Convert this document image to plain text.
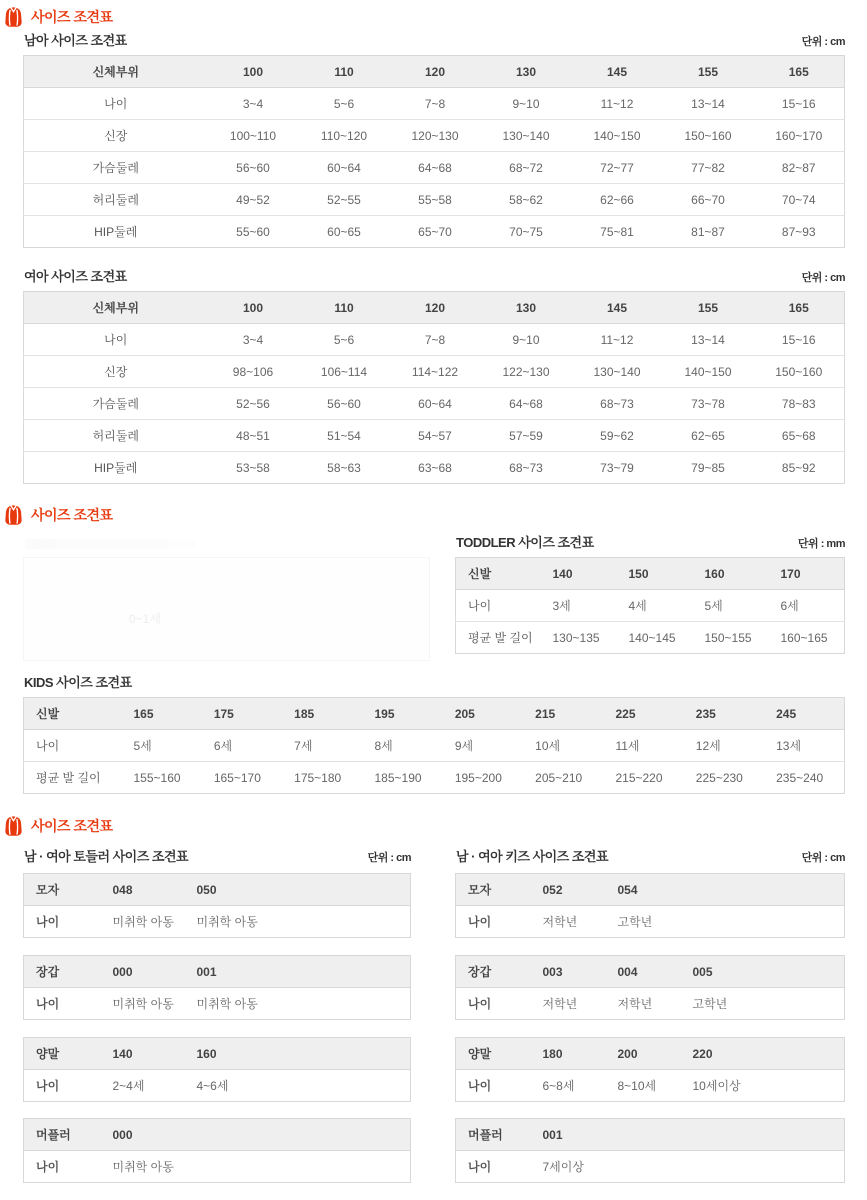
사이즈 조견표
남아 사이즈 조견표	단위 : cm
신체부위	100	110	120	130	145	155	165
나이	3~4	5~6	7~8	9~10	11~12	13~14	15~16
신장	100~110	110~120	120~130	130~140	140~150	150~160	160~170
가슴둘레	56~60	60~64	64~68	68~72	72~77	77~82	82~87
허리둘레	49~52	52~55	55~58	58~62	62~66	66~70	70~74
HIP둘레	55~60	60~65	65~70	70~75	75~81	81~87	87~93
여아 사이즈 조견표	단위 : cm
신체부위	100	110	120	130	145	155	165
나이	3~4	5~6	7~8	9~10	11~12	13~14	15~16
신장	98~106	106~114	114~122	122~130	130~140	140~150	150~160
가슴둘레	52~56	56~60	60~64	64~68	68~73	73~78	78~83
허리둘레	48~51	51~54	54~57	57~59	59~62	62~65	65~68
HIP둘레	53~58	58~63	63~68	68~73	73~79	79~85	85~92
사이즈 조견표
0~1세
TODDLER 사이즈 조견표	단위 : mm
신발	140	150	160	170
나이	3세	4세	5세	6세
평균 발 길이	130~135	140~145	150~155	160~165
KIDS 사이즈 조견표
신발	165	175	185	195	205	215	225	235	245
나이	5세	6세	7세	8세	9세	10세	11세	12세	13세
평균 발 길이	155~160	165~170	175~180	185~190	195~200	205~210	215~220	225~230	235~240
사이즈 조견표
남 · 여아 토들러 사이즈 조견표	단위 : cm
모자	048	050	
나이	미취학 아동	미취학 아동	
장갑	000	001	
나이	미취학 아동	미취학 아동	
양말	140	160	
나이	2~4세	4~6세	
머플러	000	
나이	미취학 아동	
남 · 여아 키즈 사이즈 조견표	단위 : cm
모자	052	054	
나이	저학년	고학년	
장갑	003	004	005	
나이	저학년	저학년	고학년	
양말	180	200	220	
나이	6~8세	8~10세	10세이상	
머플러	001	
나이	7세이상	
